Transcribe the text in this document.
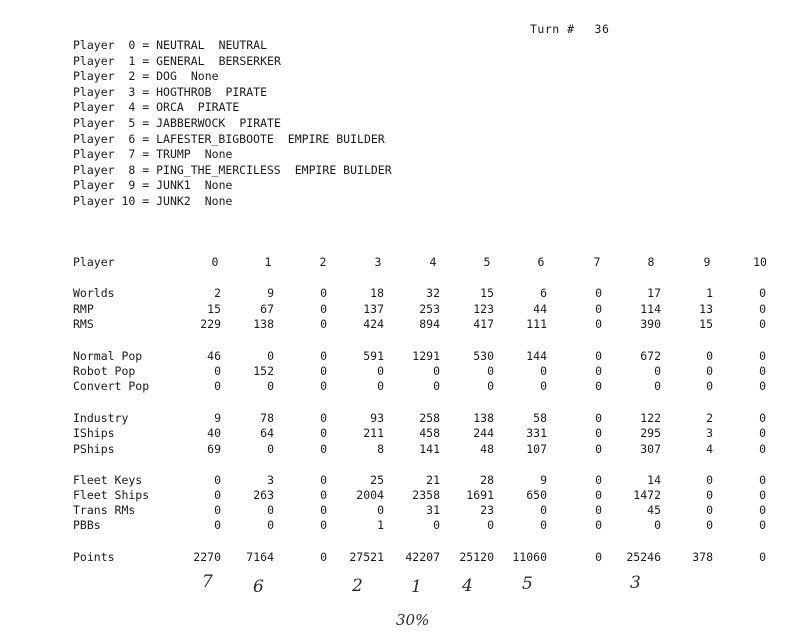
Turn # 36
Player  0 = NEUTRAL NEUTRAL
Player  1 = GENERAL BERSERKER
Player  2 = DOG None
Player  3 = HOGTHROB PIRATE
Player  4 = ORCA PIRATE
Player  5 = JABBERWOCK PIRATE
Player  6 = LAFESTER_BIGBOOTE EMPIRE BUILDER
Player  7 = TRUMP None
Player  8 = PING_THE_MERCILESS EMPIRE BUILDER
Player  9 = JUNK1 None
Player 10 = JUNK2 None
Player	0	1	2	3	4	5	6	7	8	9	10
Worlds	2	9	0	18	32	15	6	0	17	1	0
RMP	15	67	0	137	253	123	44	0	114	13	0
RMS	229	138	0	424	894	417	111	0	390	15	0
Normal Pop	46	0	0	591	1291	530	144	0	672	0	0
Robot Pop	0	152	0	0	0	0	0	0	0	0	0
Convert Pop	0	0	0	0	0	0	0	0	0	0	0
Industry	9	78	0	93	258	138	58	0	122	2	0
IShips	40	64	0	211	458	244	331	0	295	3	0
PShips	69	0	0	8	141	48	107	0	307	4	0
Fleet Keys	0	3	0	25	21	28	9	0	14	0	0
Fleet Ships	0	263	0	2004	2358	1691	650	0	1472	0	0
Trans RMs	0	0	0	0	31	23	0	0	45	0	0
PBBs	0	0	0	1	0	0	0	0	0	0	0
Points	2270	7164	0	27521	42207	25120	11060	0	25246	378	0
7 6	2	1 4	5	3
30%
